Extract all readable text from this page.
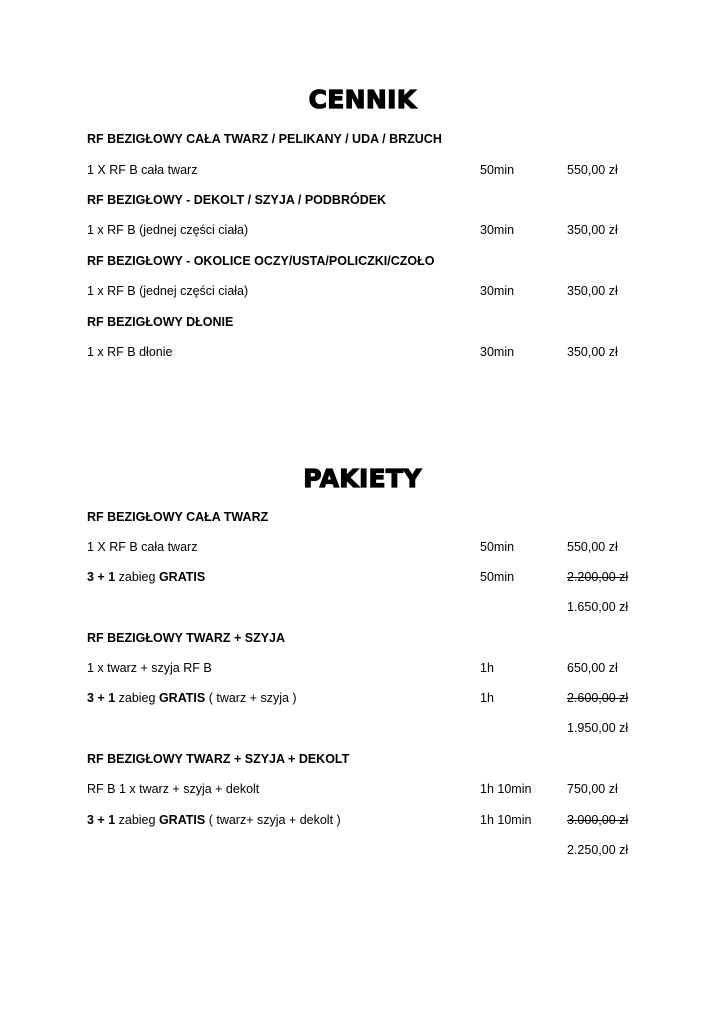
CENNIK
RF BEZIGŁOWY CAŁA TWARZ / PELIKANY / UDA / BRZUCH
1 X RF B cała twarz	50min	550,00 zł
RF BEZIGŁOWY - DEKOLT / SZYJA / PODBRÓDEK
1 x RF B (jednej części ciała)	30min	350,00 zł
RF BEZIGŁOWY - OKOLICE OCZY/USTA/POLICZKI/CZOŁO
1 x RF B (jednej części ciała)	30min	350,00 zł
RF BEZIGŁOWY DŁONIE
1 x RF B dłonie	30min	350,00 zł
PAKIETY
RF BEZIGŁOWY CAŁA TWARZ
1 X RF B cała twarz	50min	550,00 zł
3 + 1 zabieg GRATIS	50min	2.200,00 zł
1.650,00 zł
RF BEZIGŁOWY TWARZ + SZYJA
1 x twarz + szyja RF B	1h	650,00 zł
3 + 1 zabieg GRATIS ( twarz + szyja )	1h	2.600,00 zł
1.950,00 zł
RF BEZIGŁOWY TWARZ + SZYJA + DEKOLT
RF B 1 x twarz + szyja + dekolt	1h 10min	750,00 zł
3 + 1 zabieg GRATIS ( twarz+ szyja + dekolt )	1h 10min	3.000,00 zł
2.250,00 zł
